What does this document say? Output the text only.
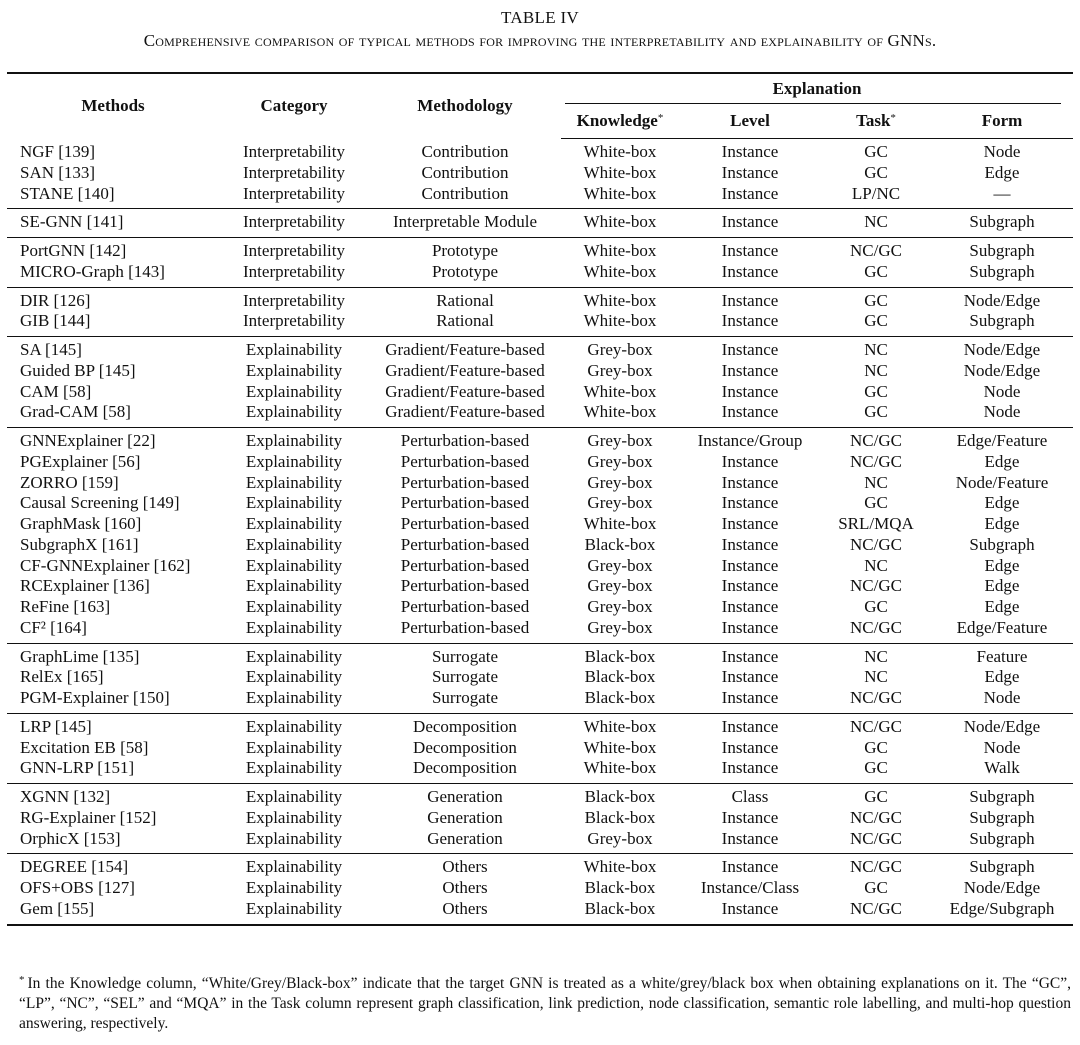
TABLE IV
Comprehensive comparison of typical methods for improving the interpretability and explainability of GNNs.
Methods	Category	Methodology	Explanation			

			Knowledge*	Level	Task*	Form
NGF [139]	Interpretability	Contribution	White-box	Instance	GC	Node
SAN [133]	Interpretability	Contribution	White-box	Instance	GC	Edge
STANE [140]	Interpretability	Contribution	White-box	Instance	LP/NC	—
SE-GNN [141]	Interpretability	Interpretable Module	White-box	Instance	NC	Subgraph
PortGNN [142]	Interpretability	Prototype	White-box	Instance	NC/GC	Subgraph
MICRO-Graph [143]	Interpretability	Prototype	White-box	Instance	GC	Subgraph
DIR [126]	Interpretability	Rational	White-box	Instance	GC	Node/Edge
GIB [144]	Interpretability	Rational	White-box	Instance	GC	Subgraph
SA [145]	Explainability	Gradient/Feature-based	Grey-box	Instance	NC	Node/Edge
Guided BP [145]	Explainability	Gradient/Feature-based	Grey-box	Instance	NC	Node/Edge
CAM [58]	Explainability	Gradient/Feature-based	White-box	Instance	GC	Node
Grad-CAM [58]	Explainability	Gradient/Feature-based	White-box	Instance	GC	Node
GNNExplainer [22]	Explainability	Perturbation-based	Grey-box	Instance/Group	NC/GC	Edge/Feature
PGExplainer [56]	Explainability	Perturbation-based	Grey-box	Instance	NC/GC	Edge
ZORRO [159]	Explainability	Perturbation-based	Grey-box	Instance	NC	Node/Feature
Causal Screening [149]	Explainability	Perturbation-based	Grey-box	Instance	GC	Edge
GraphMask [160]	Explainability	Perturbation-based	White-box	Instance	SRL/MQA	Edge
SubgraphX [161]	Explainability	Perturbation-based	Black-box	Instance	NC/GC	Subgraph
CF-GNNExplainer [162]	Explainability	Perturbation-based	Grey-box	Instance	NC	Edge
RCExplainer [136]	Explainability	Perturbation-based	Grey-box	Instance	NC/GC	Edge
ReFine [163]	Explainability	Perturbation-based	Grey-box	Instance	GC	Edge
CF² [164]	Explainability	Perturbation-based	Grey-box	Instance	NC/GC	Edge/Feature
GraphLime [135]	Explainability	Surrogate	Black-box	Instance	NC	Feature
RelEx [165]	Explainability	Surrogate	Black-box	Instance	NC	Edge
PGM-Explainer [150]	Explainability	Surrogate	Black-box	Instance	NC/GC	Node
LRP [145]	Explainability	Decomposition	White-box	Instance	NC/GC	Node/Edge
Excitation EB [58]	Explainability	Decomposition	White-box	Instance	GC	Node
GNN-LRP [151]	Explainability	Decomposition	White-box	Instance	GC	Walk
XGNN [132]	Explainability	Generation	Black-box	Class	GC	Subgraph
RG-Explainer [152]	Explainability	Generation	Black-box	Instance	NC/GC	Subgraph
OrphicX [153]	Explainability	Generation	Grey-box	Instance	NC/GC	Subgraph
DEGREE [154]	Explainability	Others	White-box	Instance	NC/GC	Subgraph
OFS+OBS [127]	Explainability	Others	Black-box	Instance/Class	GC	Node/Edge
Gem [155]	Explainability	Others	Black-box	Instance	NC/GC	Edge/Subgraph
* In the Knowledge column, “White/Grey/Black-box” indicate that the target GNN is treated as a white/grey/black box when obtaining explanations on it. The “GC”, “LP”, “NC”, “SEL” and “MQA” in the Task column represent graph classification, link prediction, node classification, semantic role labelling, and multi-hop question answering, respectively.
